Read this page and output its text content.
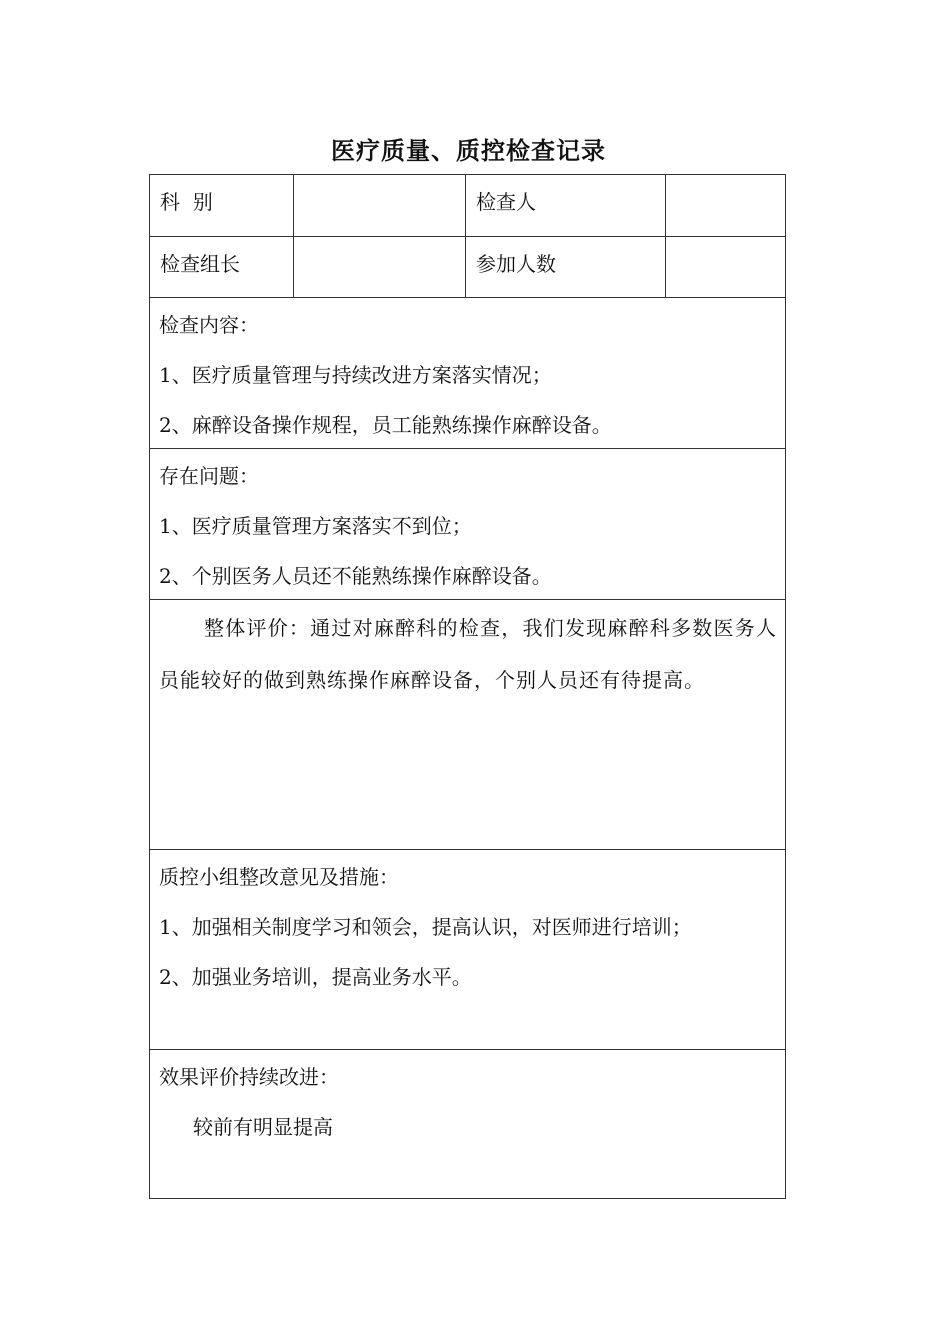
医疗质量、质控检查记录
科  别	检查人
检查组长	参加人数
检查内容：
1、医疗质量管理与持续改进方案落实情况；
2、麻醉设备操作规程，员工能熟练操作麻醉设备。
存在问题：
1、医疗质量管理方案落实不到位；
2、个别医务人员还不能熟练操作麻醉设备。
整体评价：通过对麻醉科的检查，我们发现麻醉科多数医务人员能较好的做到熟练操作麻醉设备，个别人员还有待提高。
质控小组整改意见及措施：
1、加强相关制度学习和领会，提高认识，对医师进行培训；
2、加强业务培训，提高业务水平。
效果评价持续改进：
较前有明显提高
